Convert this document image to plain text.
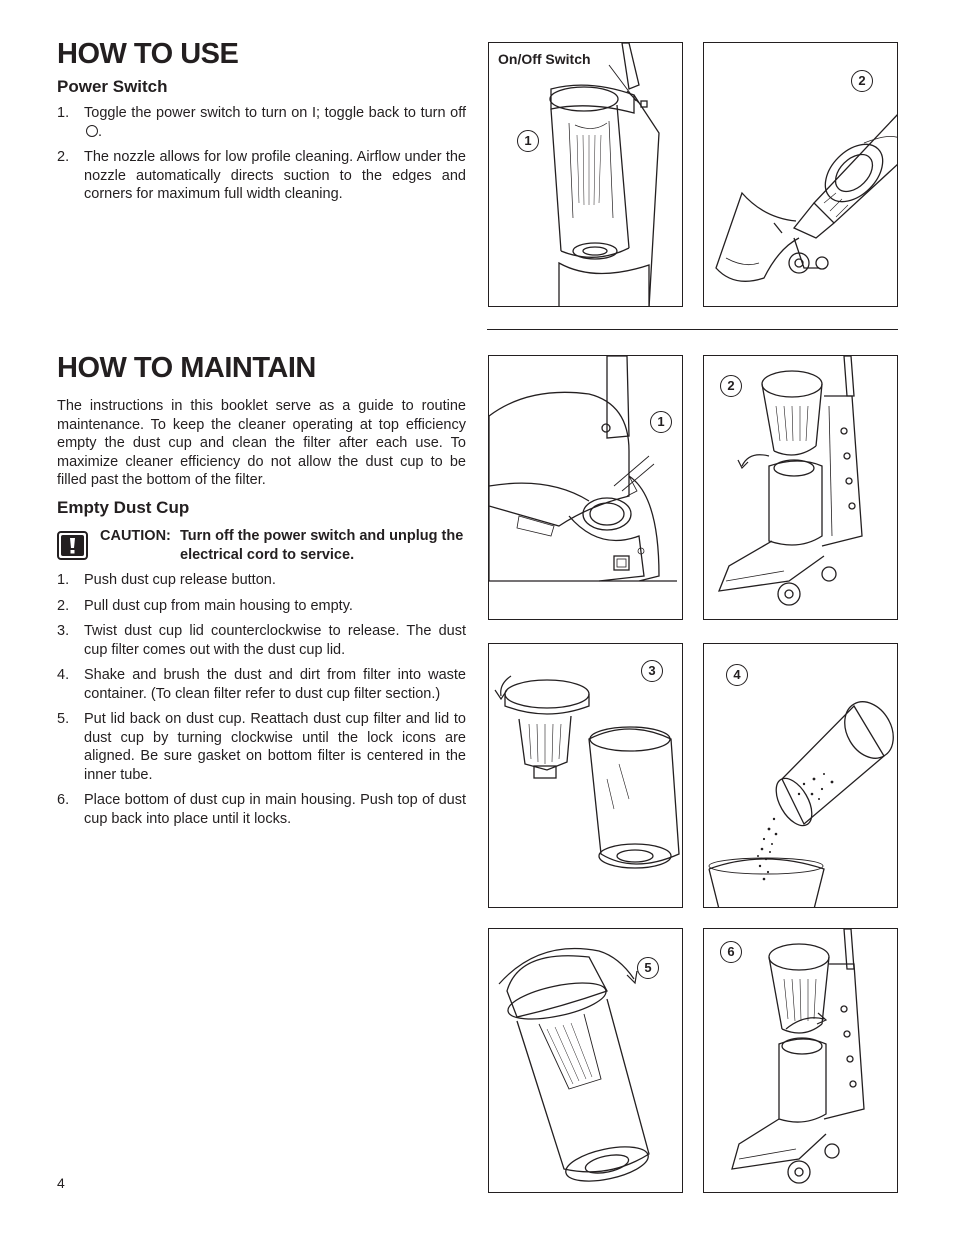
HOW TO USE
Power Switch
1. Toggle the power switch to turn on I; toggle back to turn off .
2. The nozzle allows for low profile cleaning. Airflow under the nozzle automatically directs suction to the edges and corners for maximum full width cleaning.
On/Off Switch
1
2
HOW TO MAINTAIN

The instructions in this booklet serve as a guide to routine maintenance. To keep the cleaner operating at top efficiency empty the dust cup and clean the filter after each use. To maximize cleaner efficiency do not allow the dust cup to be filled past the bottom of the filter.

Empty Dust Cup
CAUTION: Turn off the power switch and unplug the
electrical cord to service.
1. Push dust cup release button.
2. Pull dust cup from main housing to empty.
3. Twist dust cup lid counterclockwise to release. The dust cup filter comes out with the dust cup lid.
4. Shake and brush the dust and dirt from filter into waste container. (To clean filter refer to dust cup filter section.)
5. Put lid back on dust cup. Reattach dust cup filter and lid to dust cup by turning clockwise until the lock icons are aligned. Be sure gasket on bottom filter is centered in the inner tube.
6. Place bottom of dust cup in main housing. Push top of dust cup back into place until it locks.
1
2
3	4
5
6
4
